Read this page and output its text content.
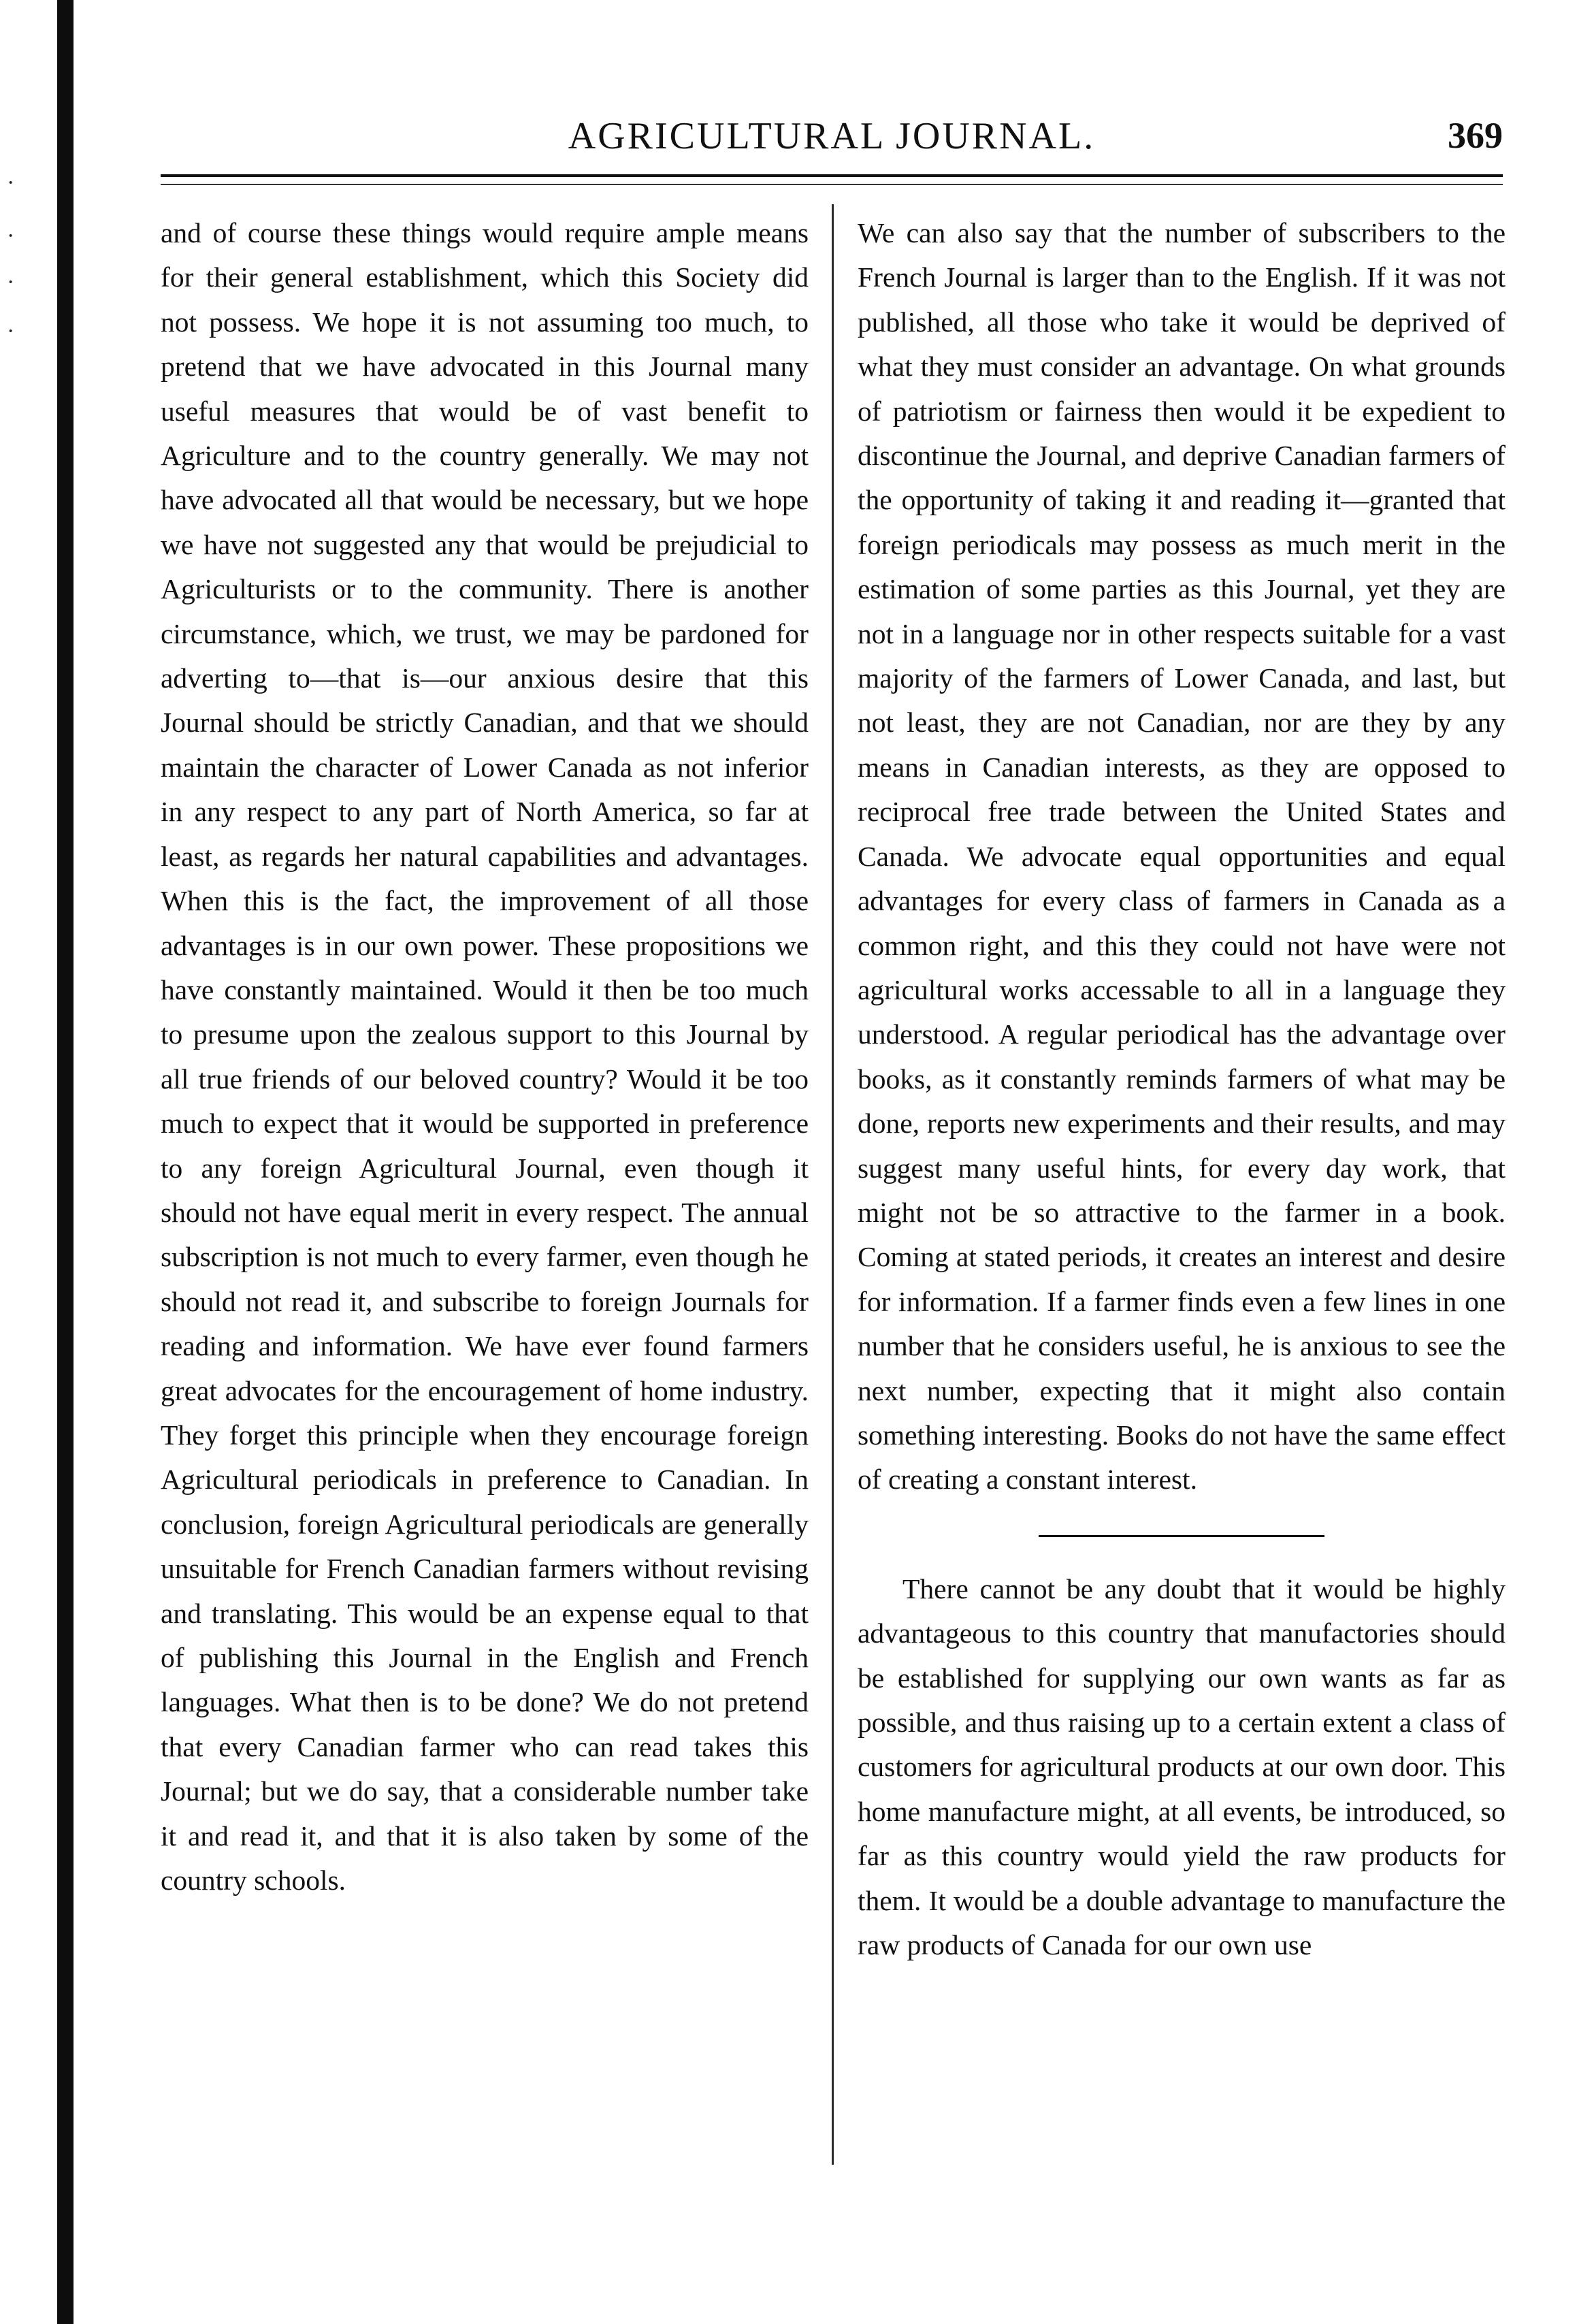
·
·
·
·
AGRICULTURAL JOURNAL.	369

and of course these things would require ample means for their general establishment, which this Society did not possess. We hope it is not assuming too much, to pretend that we have advocated in this Journal many useful measures that would be of vast benefit to Agriculture and to the country generally. We may not have advocated all that would be necessary, but we hope we have not suggested any that would be prejudicial to Agriculturists or to the community. There is another circumstance, which, we trust, we may be pardoned for adverting to—that is—our anxious desire that this Journal should be strictly Canadian, and that we should maintain the character of Lower Canada as not inferior in any respect to any part of North America, so far at least, as regards her natural capabilities and advantages. When this is the fact, the improvement of all those advantages is in our own power. These propositions we have constantly maintained. Would it then be too much to presume upon the zealous support to this Journal by all true friends of our beloved country? Would it be too much to expect that it would be supported in preference to any foreign Agricultural Journal, even though it should not have equal merit in every respect. The annual subscription is not much to every farmer, even though he should not read it, and subscribe to foreign Journals for reading and information. We have ever found farmers great advocates for the encouragement of home industry. They forget this principle when they encourage foreign Agricultural periodicals in preference to Canadian. In conclusion, foreign Agricultural periodicals are generally unsuitable for French Canadian farmers without revising and translating. This would be an expense equal to that of publishing this Journal in the English and French languages. What then is to be done? We do not pretend that every Canadian farmer who can read takes this Journal; but we do say, that a considerable number take it and read it, and that it is also taken by some of the country schools.

We can also say that the number of subscribers to the French Journal is larger than to the English. If it was not published, all those who take it would be deprived of what they must consider an advantage. On what grounds of patriotism or fairness then would it be expedient to discontinue the Journal, and deprive Canadian farmers of the opportunity of taking it and reading it—granted that foreign periodicals may possess as much merit in the estimation of some parties as this Journal, yet they are not in a language nor in other respects suitable for a vast majority of the farmers of Lower Canada, and last, but not least, they are not Canadian, nor are they by any means in Canadian interests, as they are opposed to reciprocal free trade between the United States and Canada. We advocate equal opportunities and equal advantages for every class of farmers in Canada as a common right, and this they could not have were not agricultural works accessable to all in a language they understood. A regular periodical has the advantage over books, as it constantly reminds farmers of what may be done, reports new experiments and their results, and may suggest many useful hints, for every day work, that might not be so attractive to the farmer in a book. Coming at stated periods, it creates an interest and desire for information. If a farmer finds even a few lines in one number that he considers useful, he is anxious to see the next number, expecting that it might also contain something interesting. Books do not have the same effect of creating a constant interest.

There cannot be any doubt that it would be highly advantageous to this country that manufactories should be established for supplying our own wants as far as possible, and thus raising up to a certain extent a class of customers for agricultural products at our own door. This home manufacture might, at all events, be introduced, so far as this country would yield the raw products for them. It would be a double advantage to manufacture the raw products of Canada for our own use
